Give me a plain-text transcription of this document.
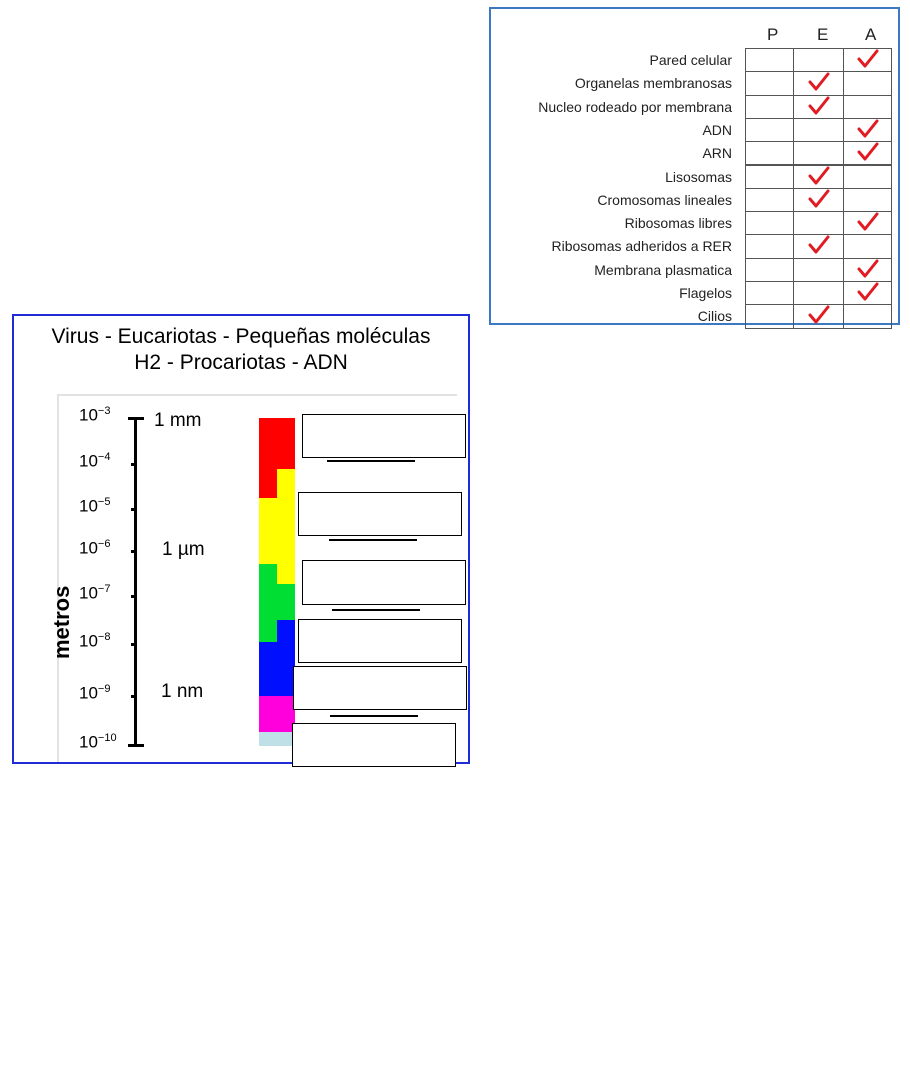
P E A
Pared celular
Organelas membranosas
Nucleo rodeado por membrana
ADN
ARN
Lisosomas
Cromosomas lineales
Ribosomas libres
Ribosomas adheridos a RER
Membrana plasmatica
Flagelos
Cilios
Virus - Eucariotas - Pequeñas moléculas
H2 - Procariotas - ADN
metros
$10^{-3}$
$10^{-4}$
$10^{-5}$
$10^{-6}$
$10^{-7}$
$10^{-8}$
$10^{-9}$
$10^{-10}$
1 mm
1 µm
1 nm
